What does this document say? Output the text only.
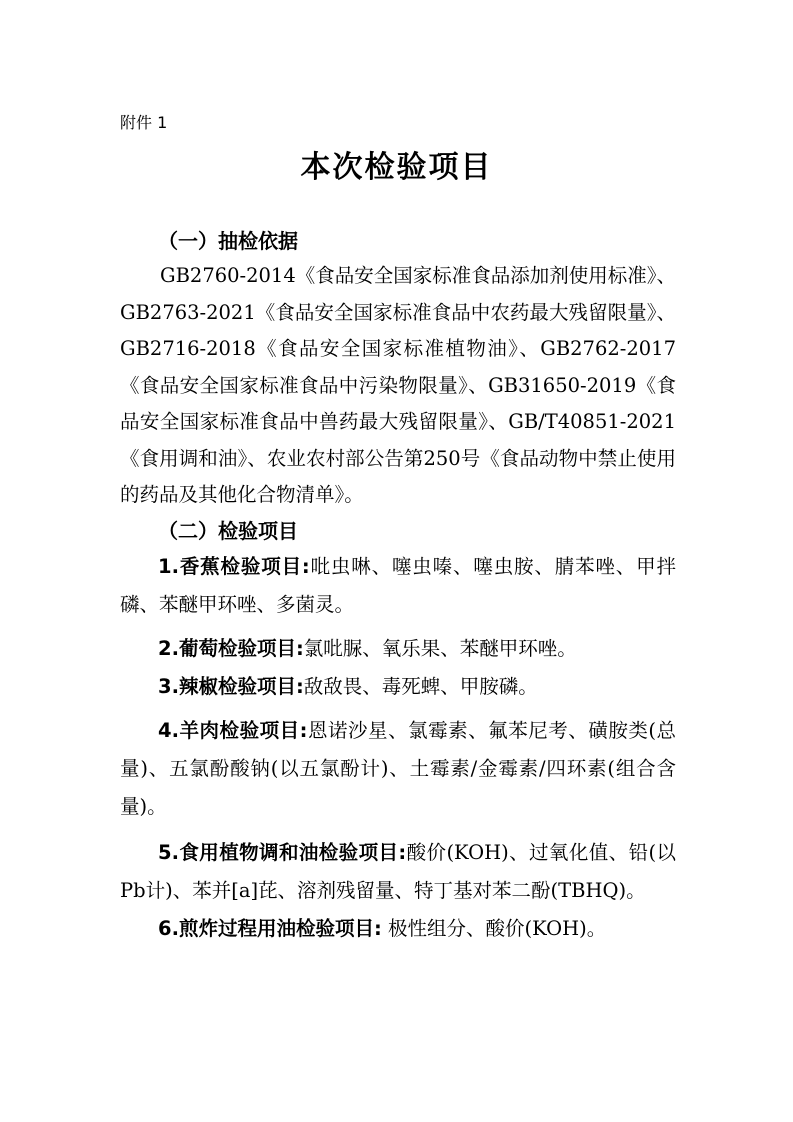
附件 1
本次检验项目

（一）抽检依据

GB2760-2014《食品安全国家标准食品添加剂使用标准》、GB2763-2021《食品安全国家标准食品中农药最大残留限量》、GB2716-2018《食品安全国家标准植物油》、GB2762-2017《食品安全国家标准食品中污染物限量》、GB31650-2019《食品安全国家标准食品中兽药最大残留限量》、GB/T40851-2021《食用调和油》、农业农村部公告第250号《食品动物中禁止使用的药品及其他化合物清单》。

（二）检验项目

1.香蕉检验项目:吡虫啉、噻虫嗪、噻虫胺、腈苯唑、甲拌磷、苯醚甲环唑、多菌灵。

2.葡萄检验项目:氯吡脲、氧乐果、苯醚甲环唑。

3.辣椒检验项目:敌敌畏、毒死蜱、甲胺磷。

4.羊肉检验项目:恩诺沙星、氯霉素、氟苯尼考、磺胺类(总量)、五氯酚酸钠(以五氯酚计)、土霉素/金霉素/四环素(组合含量)。

5.食用植物调和油检验项目:酸价(KOH)、过氧化值、铅(以Pb计)、苯并[a]芘、溶剂残留量、特丁基对苯二酚(TBHQ)。

6.煎炸过程用油检验项目: 极性组分、酸价(KOH)。
